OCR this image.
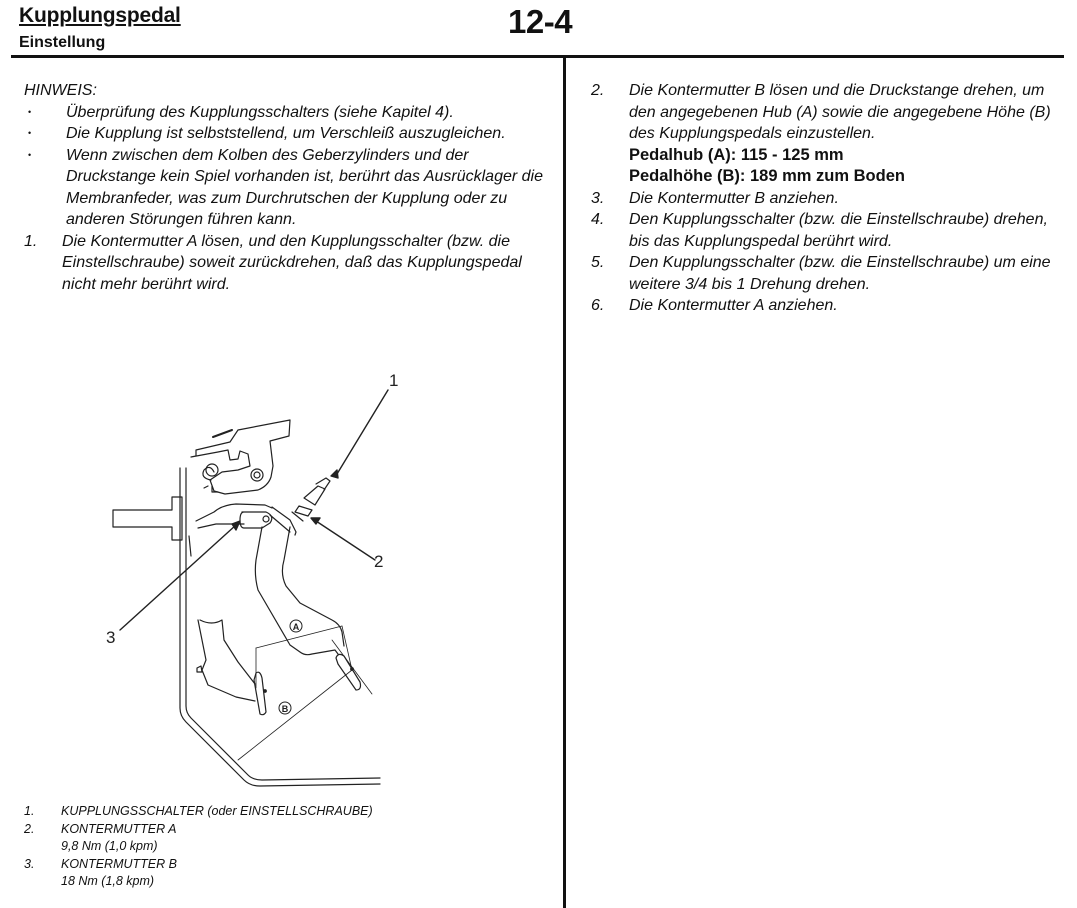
Kupplungspedal
Einstellung
12-4
HINWEIS:
•	Überprüfung des Kupplungsschalters (siehe Kapitel 4).
•	Die Kupplung ist selbststellend, um Verschleiß auszugleichen.
•	Wenn zwischen dem Kolben des Geberzylinders und der Druckstange kein Spiel vorhanden ist, berührt das Ausrücklager die Membranfeder, was zum Durchrutschen der Kupplung oder zu anderen Störungen führen kann.
1.	Die Kontermutter A lösen, und den Kupplungsschalter (bzw. die Einstellschraube) soweit zurückdrehen, daß das Kupplungspedal nicht mehr berührt wird.
A
B
1
2
3
1.	KUPPLUNGSSCHALTER (oder EINSTELLSCHRAUBE)
2.	KONTERMUTTER A
9,8 Nm (1,0 kpm)
3.	KONTERMUTTER B
18 Nm (1,8 kpm)
2.	Die Kontermutter B lösen und die Druckstange drehen, um den angegebenen Hub (A) sowie die angegebene Höhe (B) des Kupplungspedals einzustellen.
Pedalhub (A): 115 - 125 mm
Pedalhöhe (B): 189 mm zum Boden
3.	Die Kontermutter B anziehen.
4.	Den Kupplungsschalter (bzw. die Einstellschraube) drehen, bis das Kupplungspedal berührt wird.
5.	Den Kupplungsschalter (bzw. die Einstellschraube) um eine weitere 3/4 bis 1 Drehung drehen.
6.	Die Kontermutter A anziehen.
